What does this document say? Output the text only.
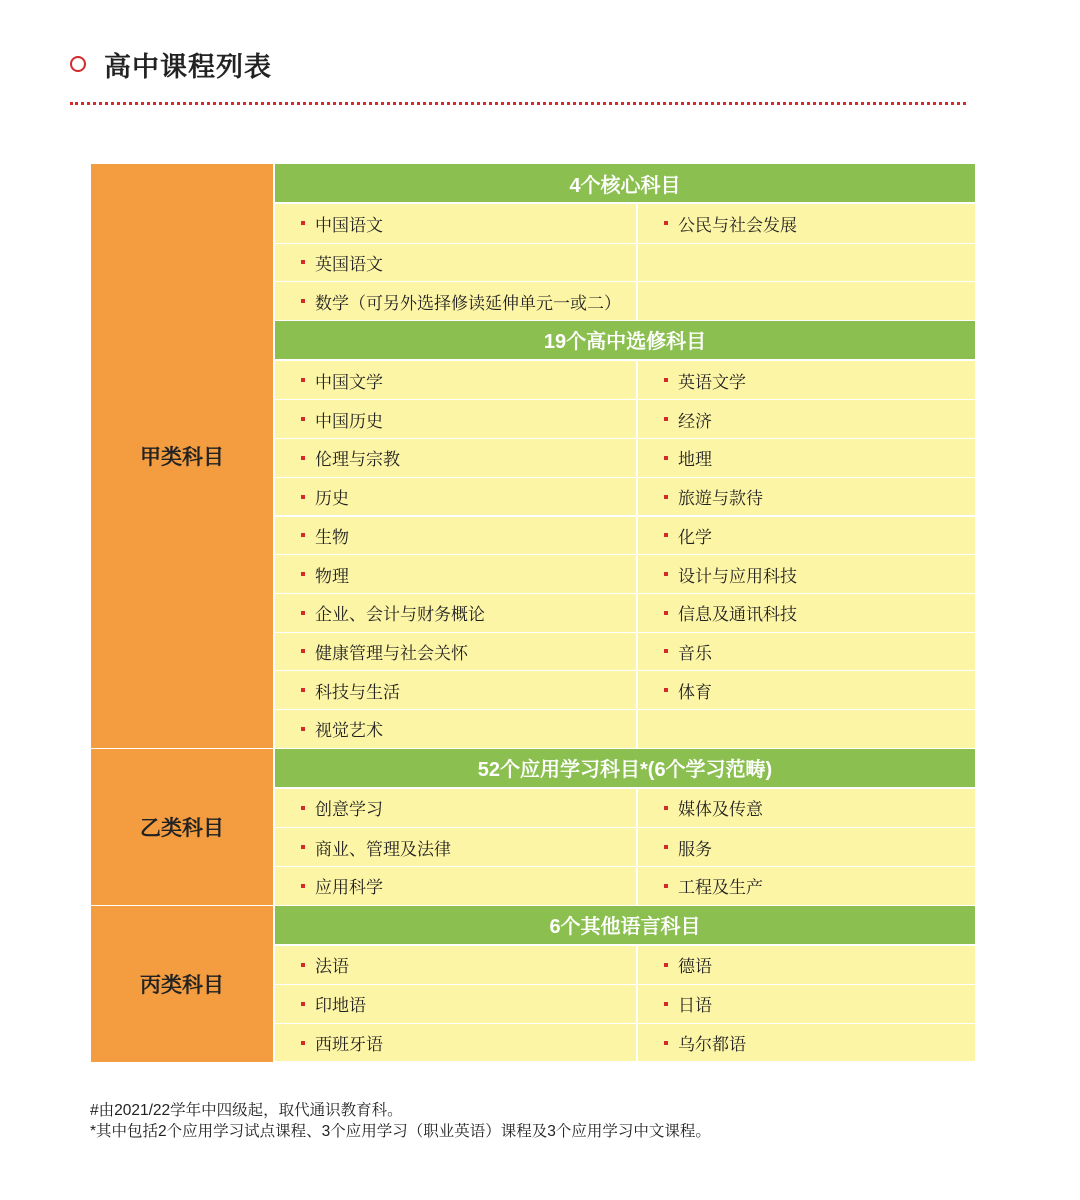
高中课程列表
4个核心科目
中国语文	公民与社会发展
英国语文
数学（可另外选择修读延伸单元一或二）
19个高中选修科目
中国文学	英语文学
中国历史	经济
伦理与宗教	地理
历史	旅遊与款待
生物	化学
物理	设计与应用科技
企业、会计与财务概论	信息及通讯科技
健康管理与社会关怀	音乐
科技与生活	体育
视觉艺术
甲类科目
52个应用学习科目*(6个学习范畴)
创意学习	媒体及传意
商业、管理及法律	服务
应用科学	工程及生产
乙类科目
6个其他语言科目
法语	德语
印地语	日语
西班牙语	乌尔都语
丙类科目
#由2021/22学年中四级起，取代通识教育科。
*其中包括2个应用学习试点课程、3个应用学习（职业英语）课程及3个应用学习中文课程。
